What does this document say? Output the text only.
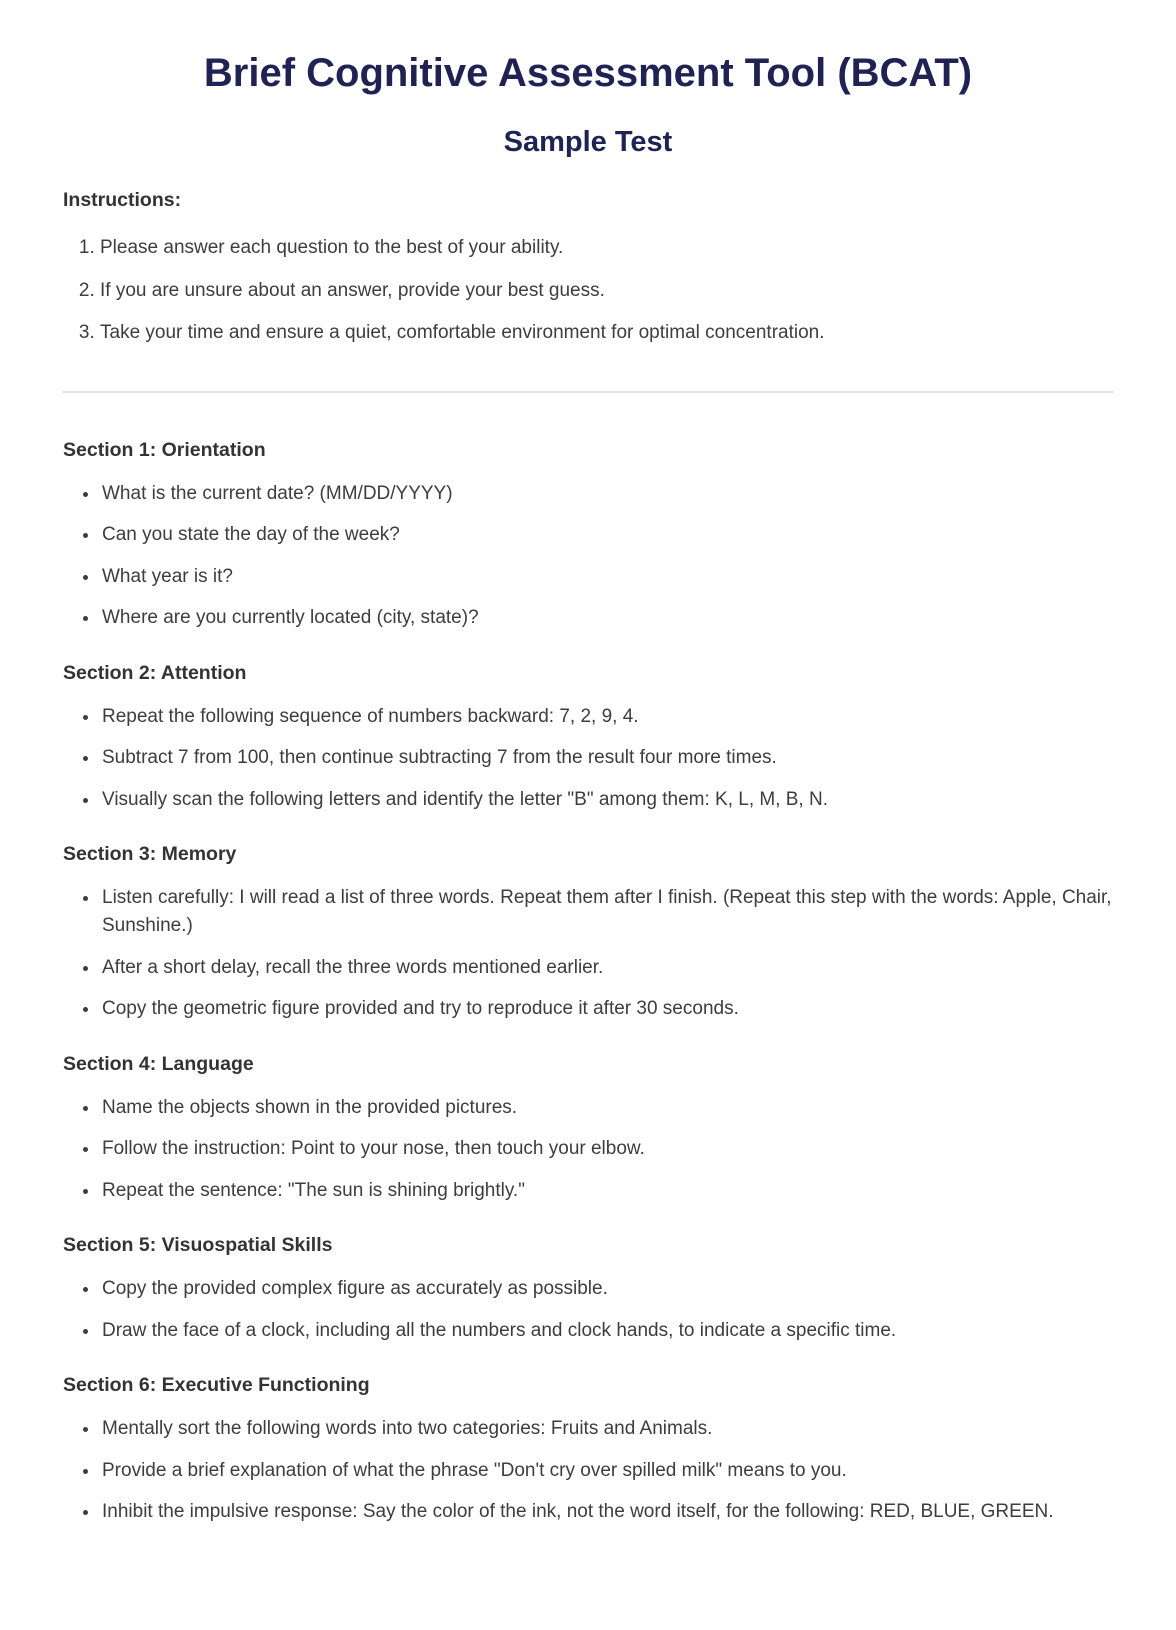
Brief Cognitive Assessment Tool (BCAT)
Sample Test
Instructions:
1. Please answer each question to the best of your ability.
2. If you are unsure about an answer, provide your best guess.
3. Take your time and ensure a quiet, comfortable environment for optimal concentration.
Section 1: Orientation
• What is the current date? (MM/DD/YYYY)
• Can you state the day of the week?
• What year is it?
• Where are you currently located (city, state)?
Section 2: Attention
• Repeat the following sequence of numbers backward: 7, 2, 9, 4.
• Subtract 7 from 100, then continue subtracting 7 from the result four more times.
• Visually scan the following letters and identify the letter "B" among them: K, L, M, B, N.
Section 3: Memory
• Listen carefully: I will read a list of three words. Repeat them after I finish. (Repeat this step with the words: Apple, Chair, Sunshine.)
• After a short delay, recall the three words mentioned earlier.
• Copy the geometric figure provided and try to reproduce it after 30 seconds.
Section 4: Language
• Name the objects shown in the provided pictures.
• Follow the instruction: Point to your nose, then touch your elbow.
• Repeat the sentence: "The sun is shining brightly."
Section 5: Visuospatial Skills
• Copy the provided complex figure as accurately as possible.
• Draw the face of a clock, including all the numbers and clock hands, to indicate a specific time.
Section 6: Executive Functioning
• Mentally sort the following words into two categories: Fruits and Animals.
• Provide a brief explanation of what the phrase "Don't cry over spilled milk" means to you.
• Inhibit the impulsive response: Say the color of the ink, not the word itself, for the following: RED, BLUE, GREEN.
